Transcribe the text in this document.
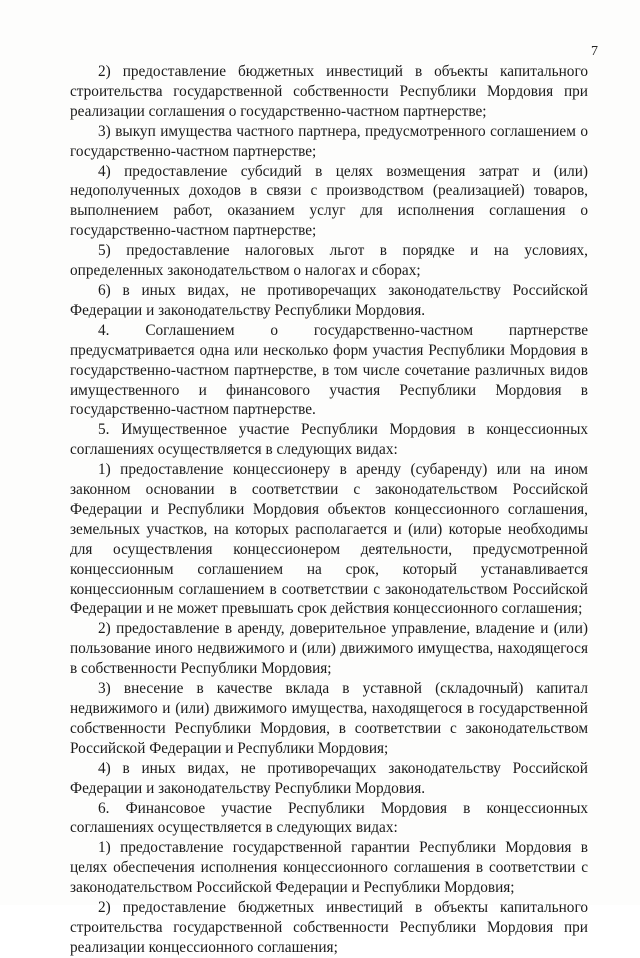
7

2) предоставление бюджетных инвестиций в объекты капитального строительства государственной собственности Республики Мордовия при реализации соглашения о государственно-частном партнерстве;

3) выкуп имущества частного партнера, предусмотренного соглашением о государственно-частном партнерстве;

4) предоставление субсидий в целях возмещения затрат и (или) недополученных доходов в связи с производством (реализацией) товаров, выполнением работ, оказанием услуг для исполнения соглашения о государственно-частном партнерстве;

5) предоставление налоговых льгот в порядке и на условиях, определенных законодательством о налогах и сборах;

6) в иных видах, не противоречащих законодательству Российской Федерации и законодательству Республики Мордовия.

4. Соглашением о государственно-частном партнерстве предусматривается одна или несколько форм участия Республики Мордовия в государственно-частном партнерстве, в том числе сочетание различных видов имущественного и финансового участия Республики Мордовия в государственно-частном партнерстве.

5. Имущественное участие Республики Мордовия в концессионных соглашениях осуществляется в следующих видах:

1) предоставление концессионеру в аренду (субаренду) или на ином законном основании в соответствии с законодательством Российской Федерации и Республики Мордовия объектов концессионного соглашения, земельных участков, на которых располагается и (или) которые необходимы для осуществления концессионером деятельности, предусмотренной концессионным соглашением на срок, который устанавливается концессионным соглашением в соответствии с законодательством Российской Федерации и не может превышать срок действия концессионного соглашения;

2) предоставление в аренду, доверительное управление, владение и (или) пользование иного недвижимого и (или) движимого имущества, находящегося в собственности Республики Мордовия;

3) внесение в качестве вклада в уставной (складочный) капитал недвижимого и (или) движимого имущества, находящегося в государственной собственности Республики Мордовия, в соответствии с законодательством Российской Федерации и Республики Мордовия;

4) в иных видах, не противоречащих законодательству Российской Федерации и законодательству Республики Мордовия.

6. Финансовое участие Республики Мордовия в концессионных соглашениях осуществляется в следующих видах:

1) предоставление государственной гарантии Республики Мордовия в целях обеспечения исполнения концессионного соглашения в соответствии с законодательством Российской Федерации и Республики Мордовия;

2) предоставление бюджетных инвестиций в объекты капитального строительства государственной собственности Республики Мордовия при реализации концессионного соглашения;
